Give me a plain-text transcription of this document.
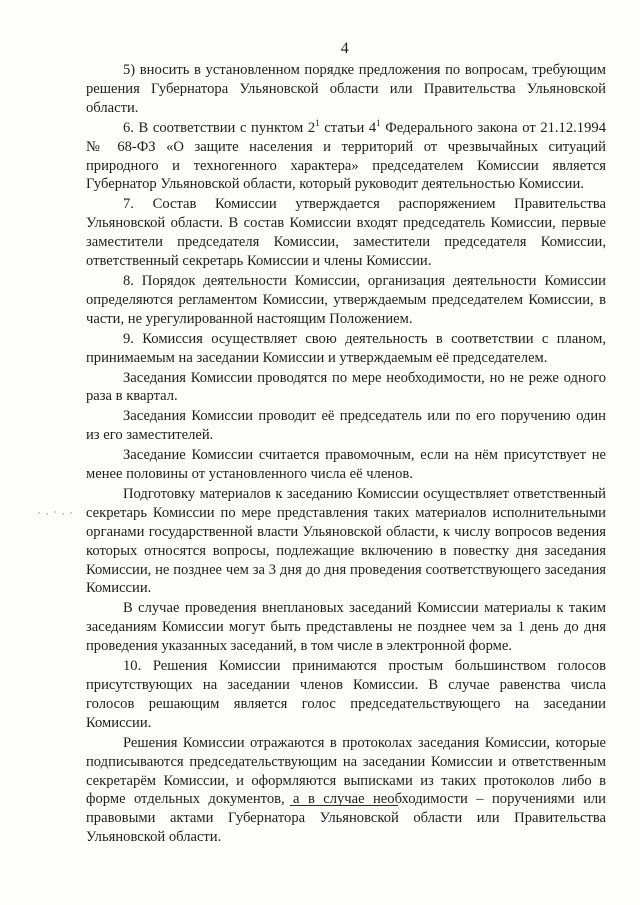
4

5) вносить в установленном порядке предложения по вопросам, требующим решения Губернатора Ульяновской области или Правительства Ульяновской области.

6. В соответствии с пунктом $2^1$ статьи $4^1$ Федерального закона от 21.12.1994 № 68-ФЗ «О защите населения и территорий от чрезвычайных ситуаций природного и техногенного характера» председателем Комиссии является Губернатор Ульяновской области, который руководит деятельностью Комиссии.

7. Состав Комиссии утверждается распоряжением Правительства Ульяновской области. В состав Комиссии входят председатель Комиссии, первые заместители председателя Комиссии, заместители председателя Комиссии, ответственный секретарь Комиссии и члены Комиссии.

8. Порядок деятельности Комиссии, организация деятельности Комиссии определяются регламентом Комиссии, утверждаемым председателем Комиссии, в части, не урегулированной настоящим Положением.

9. Комиссия осуществляет свою деятельность в соответствии с планом, принимаемым на заседании Комиссии и утверждаемым её председателем.

Заседания Комиссии проводятся по мере необходимости, но не реже одного раза в квартал.

Заседания Комиссии проводит её председатель или по его поручению один из его заместителей.

Заседание Комиссии считается правомочным, если на нём присутствует не менее половины от установленного числа её членов.

Подготовку материалов к заседанию Комиссии осуществляет ответственный секретарь Комиссии по мере представления таких материалов исполнительными органами государственной власти Ульяновской области, к числу вопросов ведения которых относятся вопросы, подлежащие включению в повестку дня заседания Комиссии, не позднее чем за 3 дня до дня проведения соответствующего заседания Комиссии.

В случае проведения внеплановых заседаний Комиссии материалы к таким заседаниям Комиссии могут быть представлены не позднее чем за 1 день до дня проведения указанных заседаний, в том числе в электронной форме.

10. Решения Комиссии принимаются простым большинством голосов присутствующих на заседании членов Комиссии. В случае равенства числа голосов решающим является голос председательствующего на заседании Комиссии.

Решения Комиссии отражаются в протоколах заседания Комиссии, которые подписываются председательствующим на заседании Комиссии и ответственным секретарём Комиссии, и оформляются выписками из таких протоколов либо в форме отдельных документов, а в случае необходимости – поручениями или правовыми актами Губернатора Ульяновской области или Правительства Ульяновской области.
